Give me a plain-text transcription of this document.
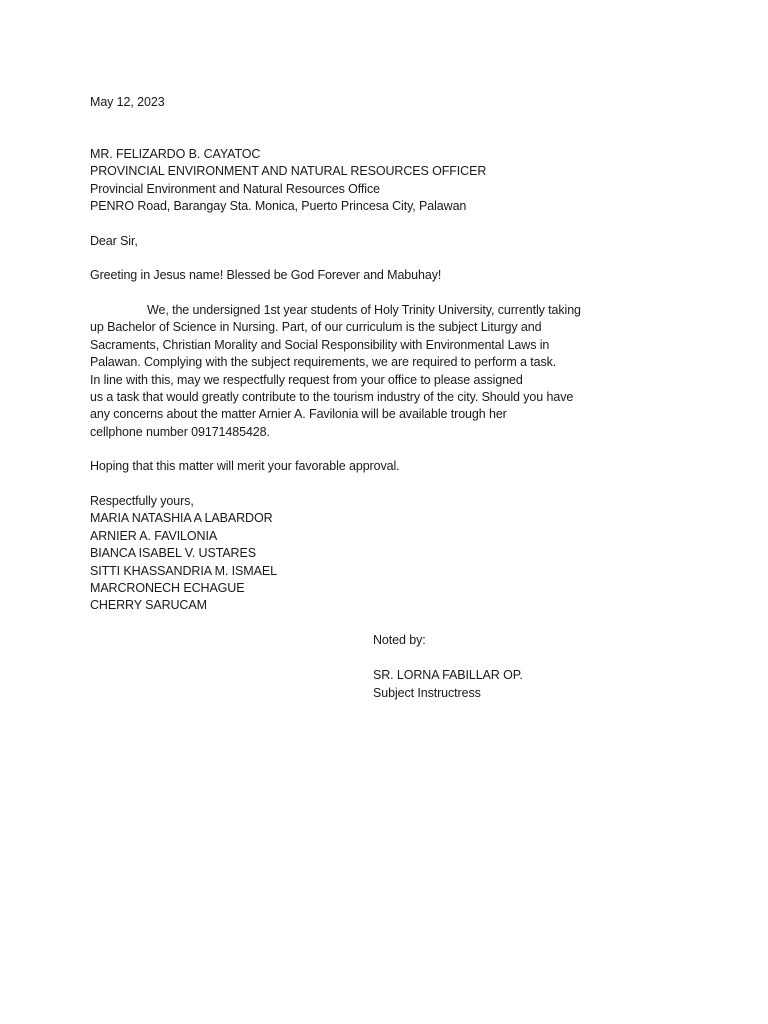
May 12, 2023
MR. FELIZARDO B. CAYATOC
PROVINCIAL ENVIRONMENT AND NATURAL RESOURCES OFFICER
Provincial Environment and Natural Resources Office
PENRO Road, Barangay Sta. Monica, Puerto Princesa City, Palawan
Dear Sir,
Greeting in Jesus name! Blessed be God Forever and Mabuhay!
We, the undersigned 1st year students of Holy Trinity University, currently taking
up Bachelor of Science in Nursing. Part, of our curriculum is the subject Liturgy and
Sacraments, Christian Morality and Social Responsibility with Environmental Laws in
Palawan. Complying with the subject requirements, we are required to perform a task.
In line with this, may we respectfully request from your office to please assigned
us a task that would greatly contribute to the tourism industry of the city. Should you have
any concerns about the matter Arnier A. Favilonia will be available trough her
cellphone number 09171485428.
Hoping that this matter will merit your favorable approval.
Respectfully yours,
MARIA NATASHIA A LABARDOR
ARNIER A. FAVILONIA
BIANCA ISABEL V. USTARES
SITTI KHASSANDRIA M. ISMAEL
MARCRONECH ECHAGUE
CHERRY SARUCAM
Noted by:
SR. LORNA FABILLAR OP.
Subject Instructress
